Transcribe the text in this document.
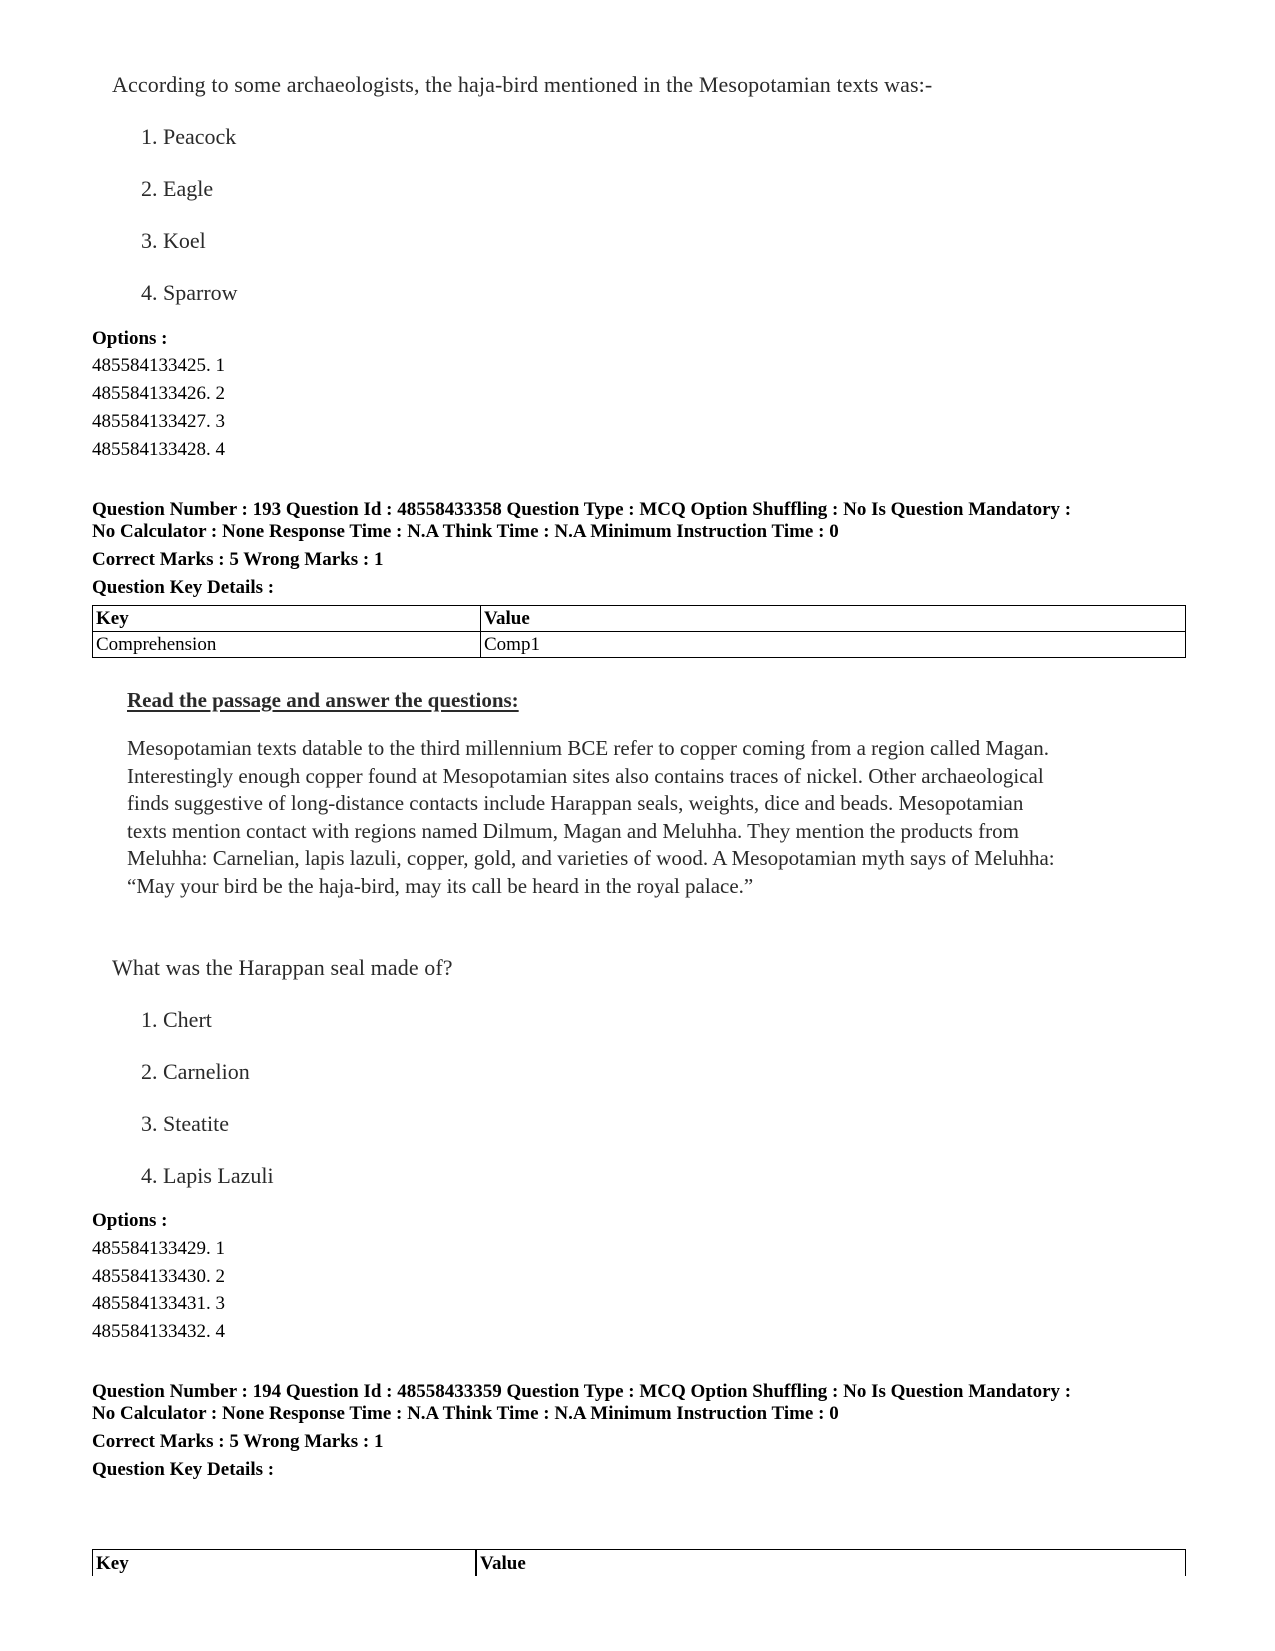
According to some archaeologists, the haja-bird mentioned in the Mesopotamian texts was:-
1. Peacock
2. Eagle
3. Koel
4. Sparrow
Options :
485584133425. 1
485584133426. 2
485584133427. 3
485584133428. 4
Question Number : 193 Question Id : 48558433358 Question Type : MCQ Option Shuffling : No Is Question Mandatory :
No Calculator : None Response Time : N.A Think Time : N.A Minimum Instruction Time : 0
Correct Marks : 5 Wrong Marks : 1
Question Key Details :
Key	Value
Comprehension	Comp1
Read the passage and answer the questions:
Mesopotamian texts datable to the third millennium BCE refer to copper coming from a region called Magan.
Interestingly enough copper found at Mesopotamian sites also contains traces of nickel. Other archaeological
finds suggestive of long-distance contacts include Harappan seals, weights, dice and beads. Mesopotamian
texts mention contact with regions named Dilmum, Magan and Meluhha. They mention the products from
Meluhha: Carnelian, lapis lazuli, copper, gold, and varieties of wood. A Mesopotamian myth says of Meluhha:
“May your bird be the haja-bird, may its call be heard in the royal palace.”
What was the Harappan seal made of?
1. Chert
2. Carnelion
3. Steatite
4. Lapis Lazuli
Options :
485584133429. 1
485584133430. 2
485584133431. 3
485584133432. 4
Question Number : 194 Question Id : 48558433359 Question Type : MCQ Option Shuffling : No Is Question Mandatory :
No Calculator : None Response Time : N.A Think Time : N.A Minimum Instruction Time : 0
Correct Marks : 5 Wrong Marks : 1
Question Key Details :
Key	Value
